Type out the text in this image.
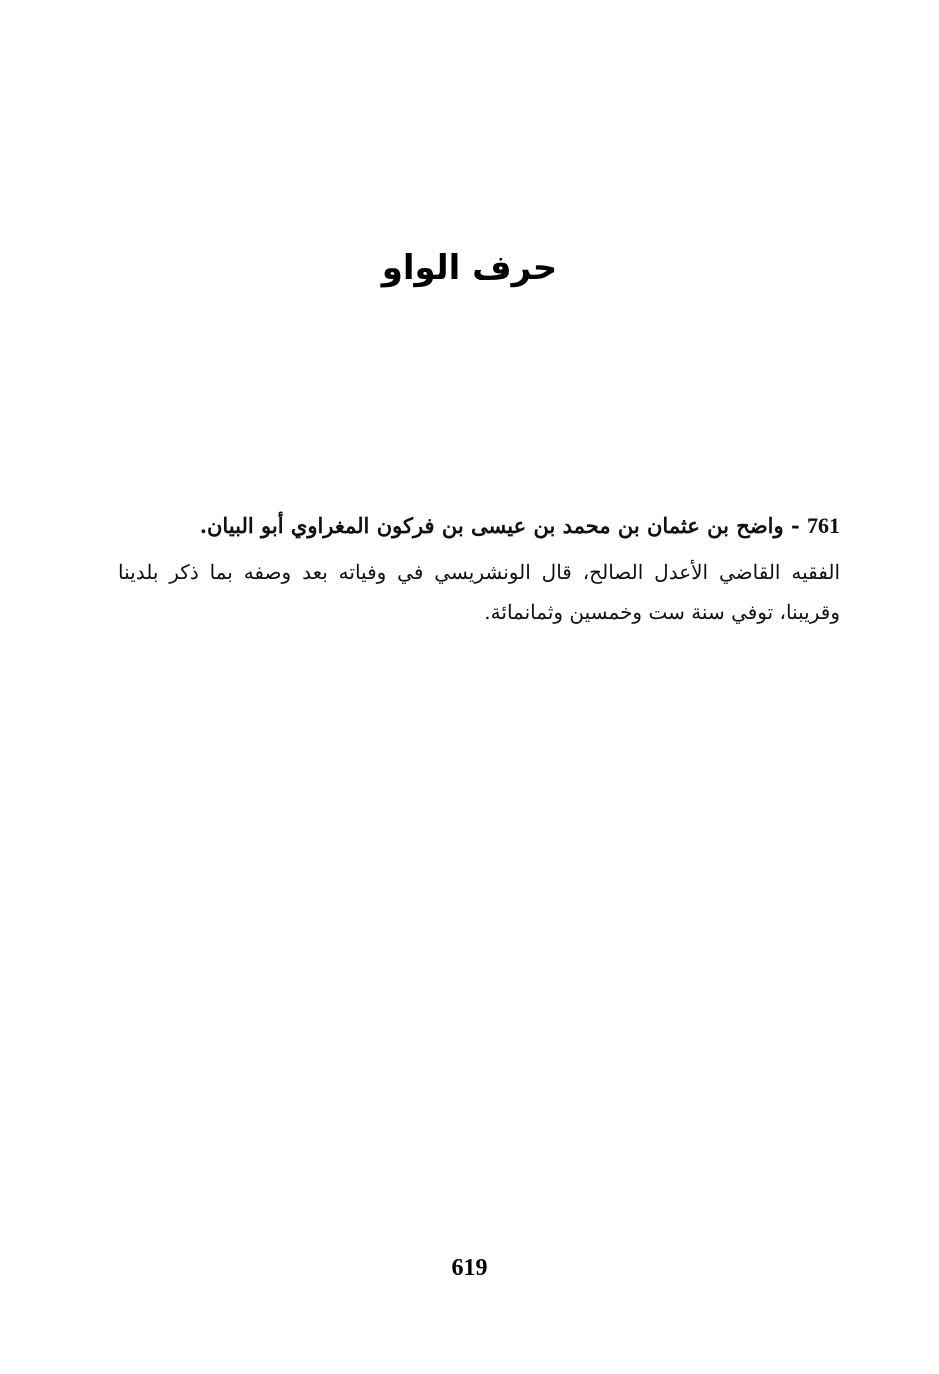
حرف الواو

761 - واضح بن عثمان بن محمد بن عيسى بن فركون المغراوي أبو البيان.

الفقيه القاضي الأعدل الصالح، قال الونشريسي في وفياته بعد وصفه بما ذكر بلدينا وقريبنا، توفي سنة ست وخمسين وثمانمائة.

619
